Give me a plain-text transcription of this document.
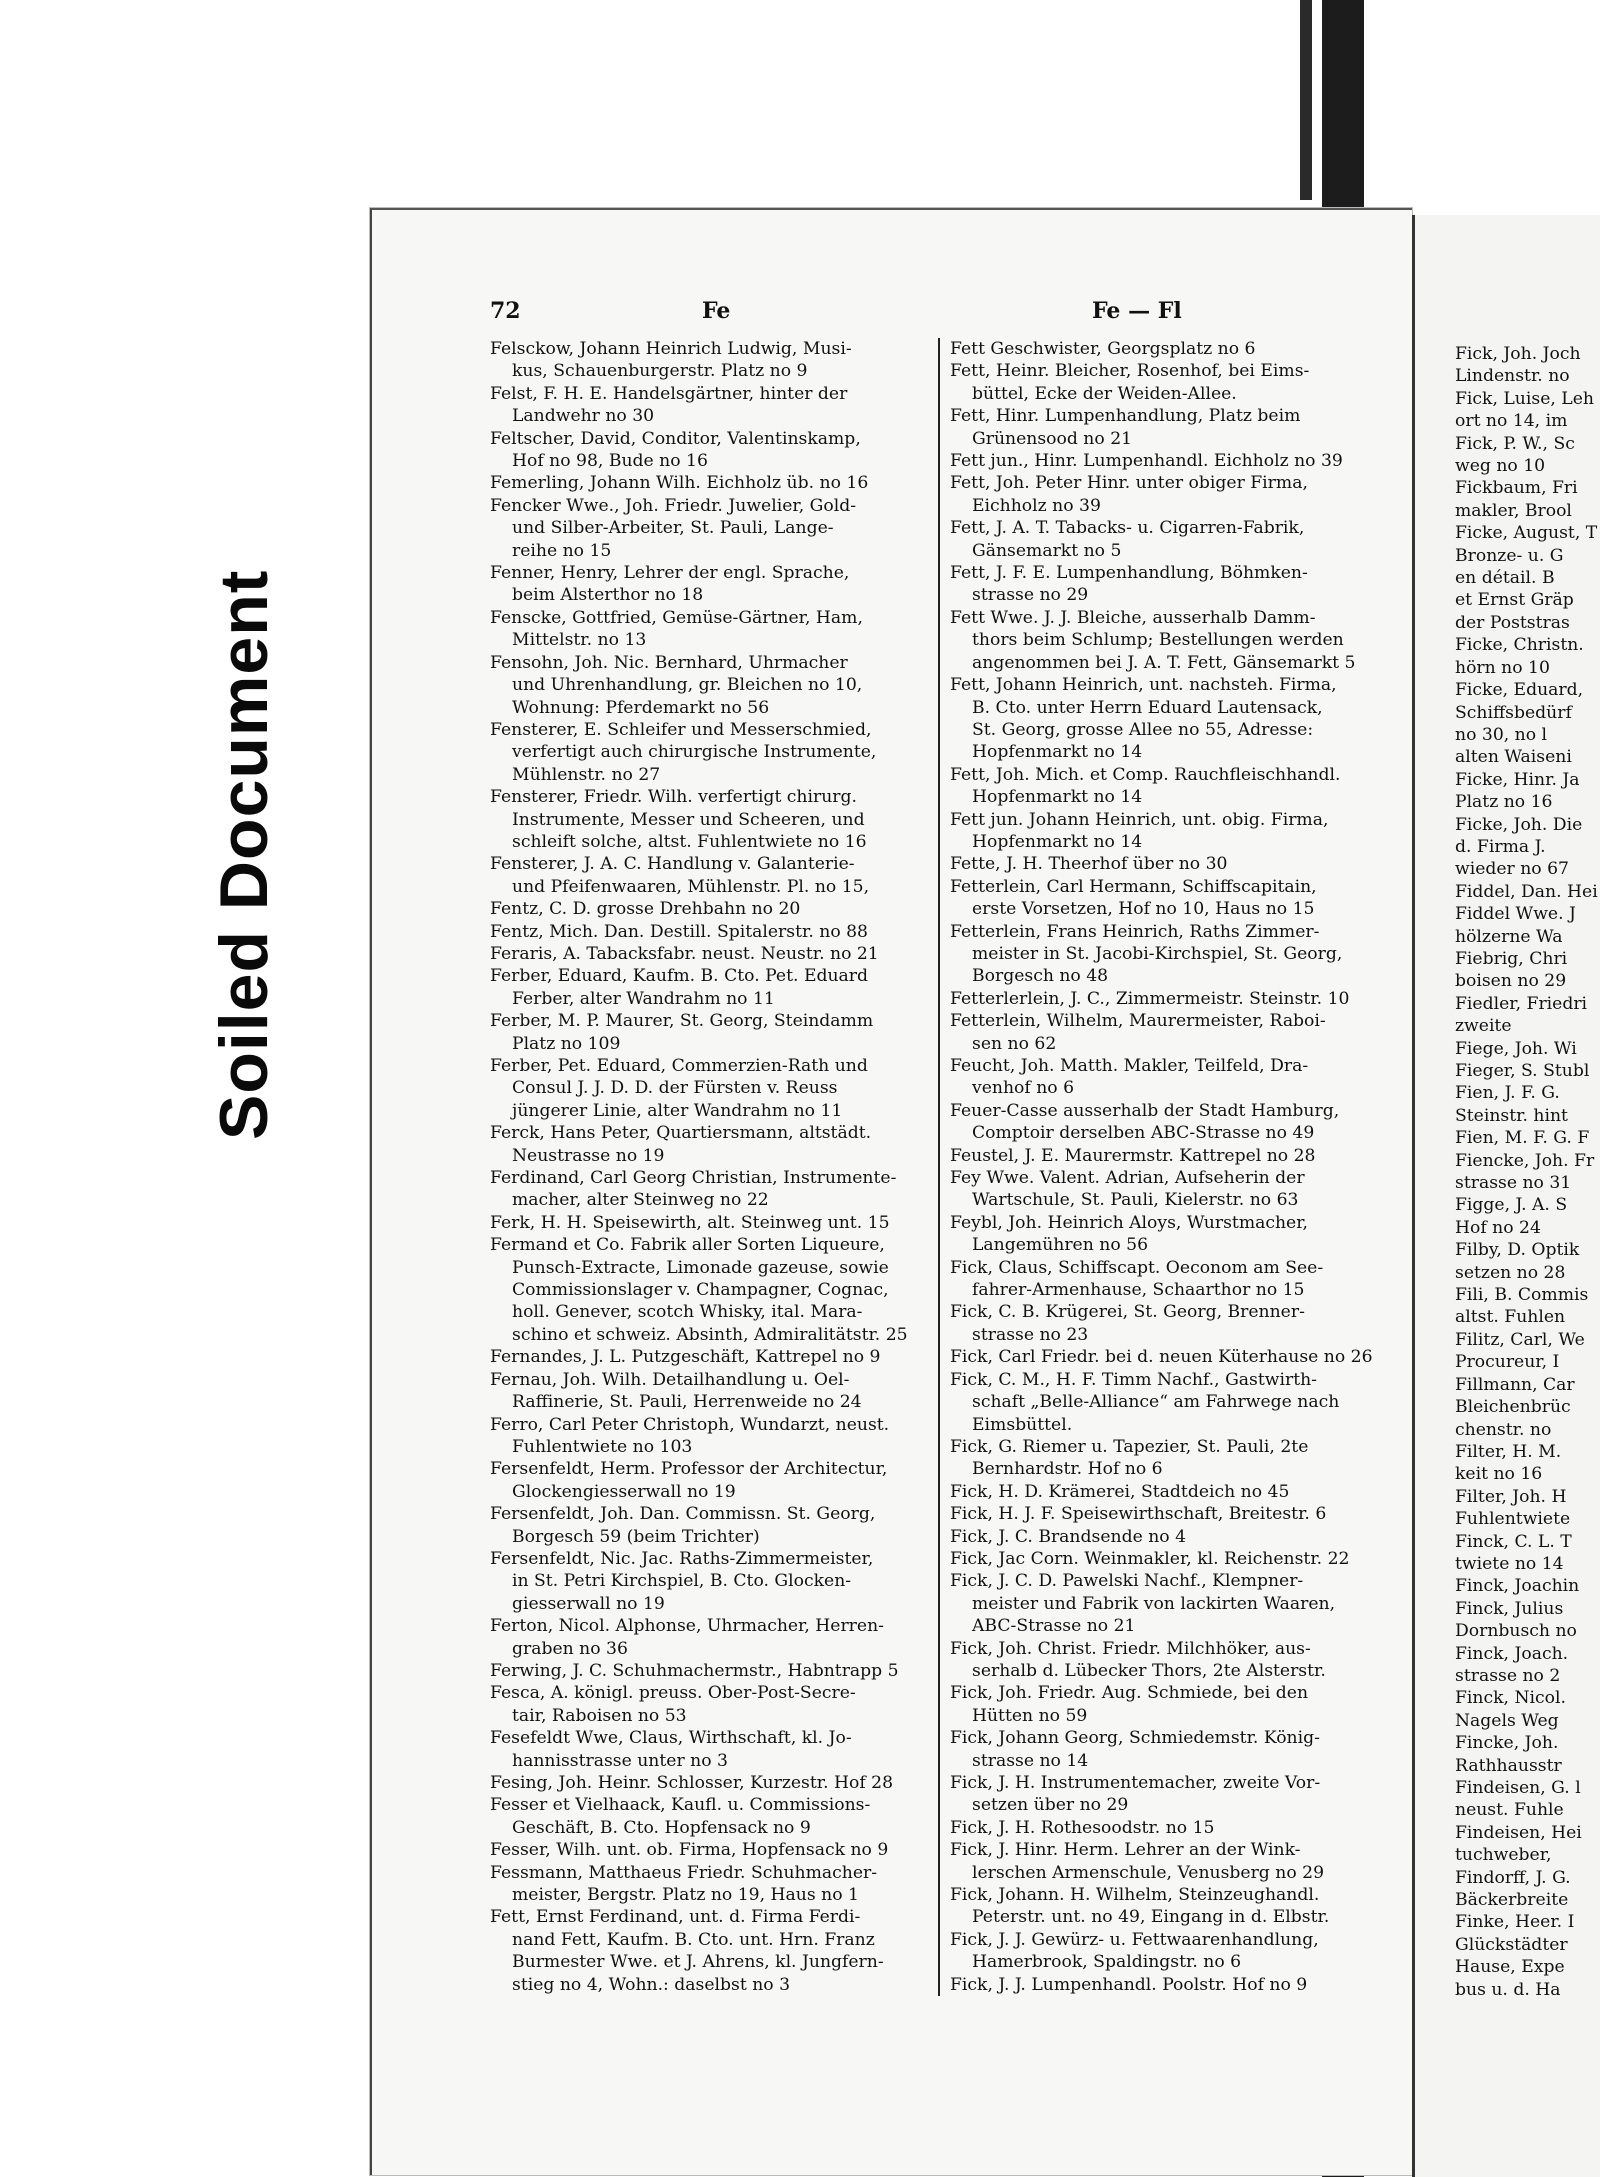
Soiled Document
72	Fe	Fe — Fl
Felsckow, Johann Heinrich Ludwig, Musi-
kus, Schauenburgerstr. Platz no 9
Felst, F. H. E. Handelsgärtner, hinter der
Landwehr no 30
Feltscher, David, Conditor, Valentinskamp,
Hof no 98, Bude no 16
Femerling, Johann Wilh. Eichholz üb. no 16
Fencker Wwe., Joh. Friedr. Juwelier, Gold-
und Silber-Arbeiter, St. Pauli, Lange-
reihe no 15
Fenner, Henry, Lehrer der engl. Sprache,
beim Alsterthor no 18
Fenscke, Gottfried, Gemüse-Gärtner, Ham,
Mittelstr. no 13
Fensohn, Joh. Nic. Bernhard, Uhrmacher
und Uhrenhandlung, gr. Bleichen no 10,
Wohnung: Pferdemarkt no 56
Fensterer, E. Schleifer und Messerschmied,
verfertigt auch chirurgische Instrumente,
Mühlenstr. no 27
Fensterer, Friedr. Wilh. verfertigt chirurg.
Instrumente, Messer und Scheeren, und
schleift solche, altst. Fuhlentwiete no 16
Fensterer, J. A. C. Handlung v. Galanterie-
und Pfeifenwaaren, Mühlenstr. Pl. no 15,
Fentz, C. D. grosse Drehbahn no 20
Fentz, Mich. Dan. Destill. Spitalerstr. no 88
Feraris, A. Tabacksfabr. neust. Neustr. no 21
Ferber, Eduard, Kaufm. B. Cto. Pet. Eduard
Ferber, alter Wandrahm no 11
Ferber, M. P. Maurer, St. Georg, Steindamm
Platz no 109
Ferber, Pet. Eduard, Commerzien-Rath und
Consul J. J. D. D. der Fürsten v. Reuss
jüngerer Linie, alter Wandrahm no 11
Ferck, Hans Peter, Quartiersmann, altstädt.
Neustrasse no 19
Ferdinand, Carl Georg Christian, Instrumente-
macher, alter Steinweg no 22
Ferk, H. H. Speisewirth, alt. Steinweg unt. 15
Fermand et Co. Fabrik aller Sorten Liqueure,
Punsch-Extracte, Limonade gazeuse, sowie
Commissionslager v. Champagner, Cognac,
holl. Genever, scotch Whisky, ital. Mara-
schino et schweiz. Absinth, Admiralitätstr. 25
Fernandes, J. L. Putzgeschäft, Kattrepel no 9
Fernau, Joh. Wilh. Detailhandlung u. Oel-
Raffinerie, St. Pauli, Herrenweide no 24
Ferro, Carl Peter Christoph, Wundarzt, neust.
Fuhlentwiete no 103
Fersenfeldt, Herm. Professor der Architectur,
Glockengiesserwall no 19
Fersenfeldt, Joh. Dan. Commissn. St. Georg,
Borgesch 59 (beim Trichter)
Fersenfeldt, Nic. Jac. Raths-Zimmermeister,
in St. Petri Kirchspiel, B. Cto. Glocken-
giesserwall no 19
Ferton, Nicol. Alphonse, Uhrmacher, Herren-
graben no 36
Ferwing, J. C. Schuhmachermstr., Habntrapp 5
Fesca, A. königl. preuss. Ober-Post-Secre-
tair, Raboisen no 53
Fesefeldt Wwe, Claus, Wirthschaft, kl. Jo-
hannisstrasse unter no 3
Fesing, Joh. Heinr. Schlosser, Kurzestr. Hof 28
Fesser et Vielhaack, Kaufl. u. Commissions-
Geschäft, B. Cto. Hopfensack no 9
Fesser, Wilh. unt. ob. Firma, Hopfensack no 9
Fessmann, Matthaeus Friedr. Schuhmacher-
meister, Bergstr. Platz no 19, Haus no 1
Fett, Ernst Ferdinand, unt. d. Firma Ferdi-
nand Fett, Kaufm. B. Cto. unt. Hrn. Franz
Burmester Wwe. et J. Ahrens, kl. Jungfern-
stieg no 4, Wohn.: daselbst no 3
Fett Geschwister, Georgsplatz no 6
Fett, Heinr. Bleicher, Rosenhof, bei Eims-
büttel, Ecke der Weiden-Allee.
Fett, Hinr. Lumpenhandlung, Platz beim
Grünensood no 21
Fett jun., Hinr. Lumpenhandl. Eichholz no 39
Fett, Joh. Peter Hinr. unter obiger Firma,
Eichholz no 39
Fett, J. A. T. Tabacks- u. Cigarren-Fabrik,
Gänsemarkt no 5
Fett, J. F. E. Lumpenhandlung, Böhmken-
strasse no 29
Fett Wwe. J. J. Bleiche, ausserhalb Damm-
thors beim Schlump; Bestellungen werden
angenommen bei J. A. T. Fett, Gänsemarkt 5
Fett, Johann Heinrich, unt. nachsteh. Firma,
B. Cto. unter Herrn Eduard Lautensack,
St. Georg, grosse Allee no 55, Adresse:
Hopfenmarkt no 14
Fett, Joh. Mich. et Comp. Rauchfleischhandl.
Hopfenmarkt no 14
Fett jun. Johann Heinrich, unt. obig. Firma,
Hopfenmarkt no 14
Fette, J. H. Theerhof über no 30
Fetterlein, Carl Hermann, Schiffscapitain,
erste Vorsetzen, Hof no 10, Haus no 15
Fetterlein, Frans Heinrich, Raths Zimmer-
meister in St. Jacobi-Kirchspiel, St. Georg,
Borgesch no 48
Fetterlerlein, J. C., Zimmermeistr. Steinstr. 10
Fetterlein, Wilhelm, Maurermeister, Raboi-
sen no 62
Feucht, Joh. Matth. Makler, Teilfeld, Dra-
venhof no 6
Feuer-Casse ausserhalb der Stadt Hamburg,
Comptoir derselben ABC-Strasse no 49
Feustel, J. E. Maurermstr. Kattrepel no 28
Fey Wwe. Valent. Adrian, Aufseherin der
Wartschule, St. Pauli, Kielerstr. no 63
Feybl, Joh. Heinrich Aloys, Wurstmacher,
Langemühren no 56
Fick, Claus, Schiffscapt. Oeconom am See-
fahrer-Armenhause, Schaarthor no 15
Fick, C. B. Krügerei, St. Georg, Brenner-
strasse no 23
Fick, Carl Friedr. bei d. neuen Küterhause no 26
Fick, C. M., H. F. Timm Nachf., Gastwirth-
schaft „Belle-Alliance“ am Fahrwege nach
Eimsbüttel.
Fick, G. Riemer u. Tapezier, St. Pauli, 2te
Bernhardstr. Hof no 6
Fick, H. D. Krämerei, Stadtdeich no 45
Fick, H. J. F. Speisewirthschaft, Breitestr. 6
Fick, J. C. Brandsende no 4
Fick, Jac Corn. Weinmakler, kl. Reichenstr. 22
Fick, J. C. D. Pawelski Nachf., Klempner-
meister und Fabrik von lackirten Waaren,
ABC-Strasse no 21
Fick, Joh. Christ. Friedr. Milchhöker, aus-
serhalb d. Lübecker Thors, 2te Alsterstr.
Fick, Joh. Friedr. Aug. Schmiede, bei den
Hütten no 59
Fick, Johann Georg, Schmiedemstr. König-
strasse no 14
Fick, J. H. Instrumentemacher, zweite Vor-
setzen über no 29
Fick, J. H. Rothesoodstr. no 15
Fick, J. Hinr. Herm. Lehrer an der Wink-
lerschen Armenschule, Venusberg no 29
Fick, Johann. H. Wilhelm, Steinzeughandl.
Peterstr. unt. no 49, Eingang in d. Elbstr.
Fick, J. J. Gewürz- u. Fettwaarenhandlung,
Hamerbrook, Spaldingstr. no 6
Fick, J. J. Lumpenhandl. Poolstr. Hof no 9
Fick, Joh. Joch
Lindenstr. no
Fick, Luise, Leh
ort no 14, im
Fick, P. W., Sc
weg no 10
Fickbaum, Fri
makler, Brool
Ficke, August, T
Bronze- u. G
en détail. B
et Ernst Gräp
der Poststras
Ficke, Christn.
hörn no 10
Ficke, Eduard,
Schiffsbedürf
no 30, no l
alten Waiseni
Ficke, Hinr. Ja
Platz no 16
Ficke, Joh. Die
d. Firma J.
wieder no 67
Fiddel, Dan. Hei
Fiddel Wwe. J
hölzerne Wa
Fiebrig, Chri
boisen no 29
Fiedler, Friedri
zweite
Fiege, Joh. Wi
Fieger, S. Stubl
Fien, J. F. G.
Steinstr. hint
Fien, M. F. G. F
Fiencke, Joh. Fr
strasse no 31
Figge, J. A. S
Hof no 24
Filby, D. Optik
setzen no 28
Fili, B. Commis
altst. Fuhlen
Filitz, Carl, We
Procureur, I
Fillmann, Car
Bleichenbrüc
chenstr. no
Filter, H. M.
keit no 16
Filter, Joh. H
Fuhlentwiete
Finck, C. L. T
twiete no 14
Finck, Joachin
Finck, Julius
Dornbusch no
Finck, Joach.
strasse no 2
Finck, Nicol.
Nagels Weg
Fincke, Joh.
Rathhausstr
Findeisen, G. l
neust. Fuhle
Findeisen, Hei
tuchweber,
Findorff, J. G.
Bäckerbreite
Finke, Heer. I
Glückstädter
Hause, Expe
bus u. d. Ha
